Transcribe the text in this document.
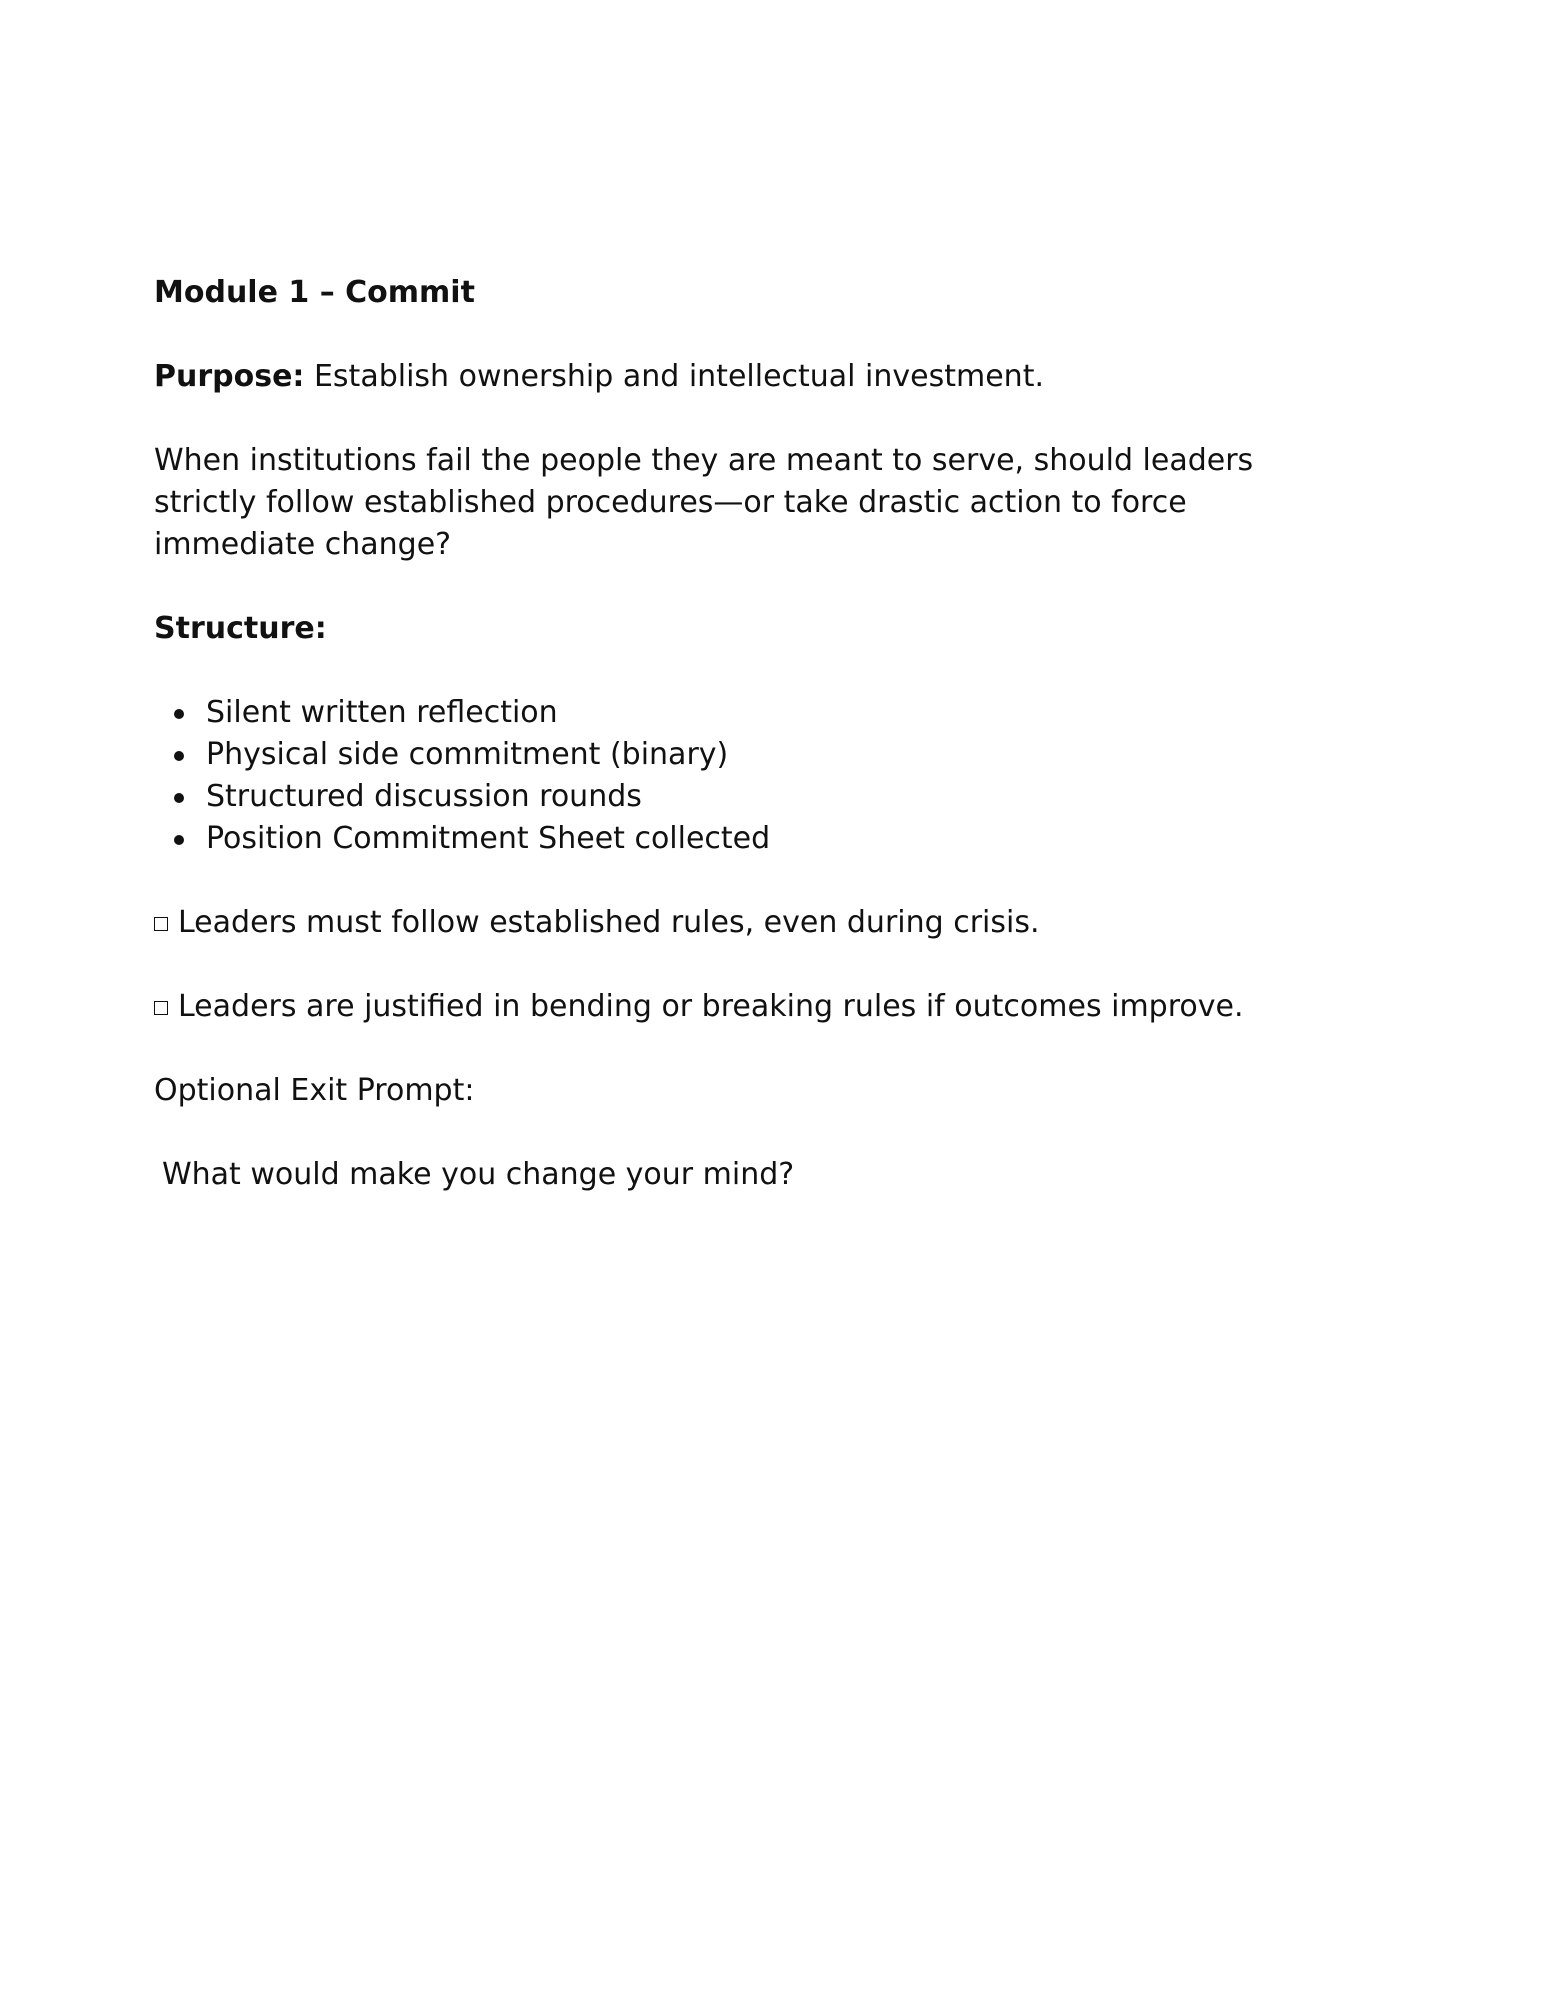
Module 1 – Commit

Purpose: Establish ownership and intellectual investment.

When institutions fail the people they are meant to serve, should leaders strictly follow established procedures—or take drastic action to force immediate change?

Structure:

Silent written reflection
Physical side commitment (binary)
Structured discussion rounds
Position Commitment Sheet collected

Leaders must follow established rules, even during crisis.

Leaders are justified in bending or breaking rules if outcomes improve.

Optional Exit Prompt:

What would make you change your mind?
